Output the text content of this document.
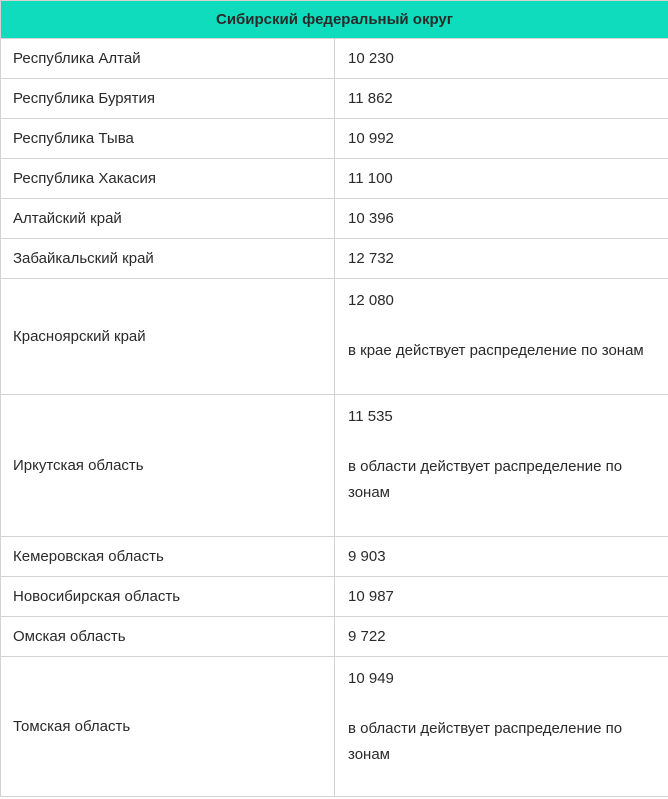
Сибирский федеральный округ	
Республика Алтай	10 230
Республика Бурятия	11 862
Республика Тыва	10 992
Республика Хакасия	11 100
Алтайский край	10 396
Забайкальский край	12 732
Красноярский край	12 080
в крае действует распределение по зонам

Иркутская область	11 535
в области действует распределение по зонам

Кемеровская область	9 903
Новосибирская область	10 987
Омская область	9 722
Томская область	10 949
в области действует распределение по зонам
